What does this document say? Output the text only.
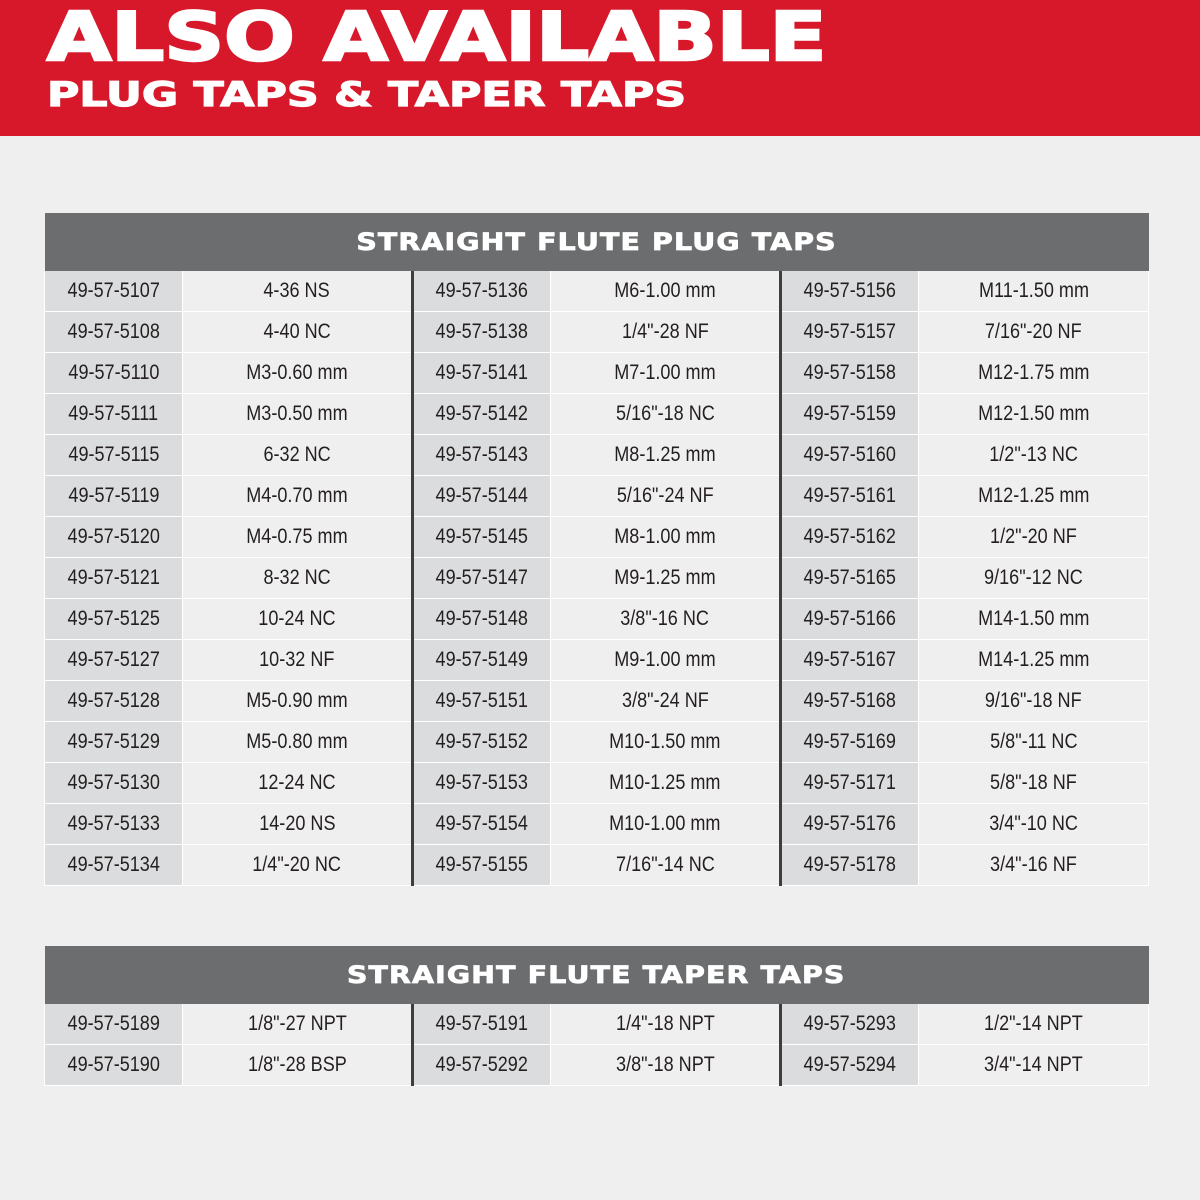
ALSO AVAILABLE
PLUG TAPS & TAPER TAPS
STRAIGHT FLUTE PLUG TAPS					
49-57-5107	4-36 NS	49-57-5136	M6-1.00 mm	49-57-5156	M11-1.50 mm
49-57-5108	4-40 NC	49-57-5138	1/4"-28 NF	49-57-5157	7/16"-20 NF
49-57-5110	M3-0.60 mm	49-57-5141	M7-1.00 mm	49-57-5158	M12-1.75 mm
49-57-5111	M3-0.50 mm	49-57-5142	5/16"-18 NC	49-57-5159	M12-1.50 mm
49-57-5115	6-32 NC	49-57-5143	M8-1.25 mm	49-57-5160	1/2"-13 NC
49-57-5119	M4-0.70 mm	49-57-5144	5/16"-24 NF	49-57-5161	M12-1.25 mm
49-57-5120	M4-0.75 mm	49-57-5145	M8-1.00 mm	49-57-5162	1/2"-20 NF
49-57-5121	8-32 NC	49-57-5147	M9-1.25 mm	49-57-5165	9/16"-12 NC
49-57-5125	10-24 NC	49-57-5148	3/8"-16 NC	49-57-5166	M14-1.50 mm
49-57-5127	10-32 NF	49-57-5149	M9-1.00 mm	49-57-5167	M14-1.25 mm
49-57-5128	M5-0.90 mm	49-57-5151	3/8"-24 NF	49-57-5168	9/16"-18 NF
49-57-5129	M5-0.80 mm	49-57-5152	M10-1.50 mm	49-57-5169	5/8"-11 NC
49-57-5130	12-24 NC	49-57-5153	M10-1.25 mm	49-57-5171	5/8"-18 NF
49-57-5133	14-20 NS	49-57-5154	M10-1.00 mm	49-57-5176	3/4"-10 NC
49-57-5134	1/4"-20 NC	49-57-5155	7/16"-14 NC	49-57-5178	3/4"-16 NF
STRAIGHT FLUTE TAPER TAPS					
49-57-5189	1/8"-27 NPT	49-57-5191	1/4"-18 NPT	49-57-5293	1/2"-14 NPT
49-57-5190	1/8"-28 BSP	49-57-5292	3/8"-18 NPT	49-57-5294	3/4"-14 NPT
